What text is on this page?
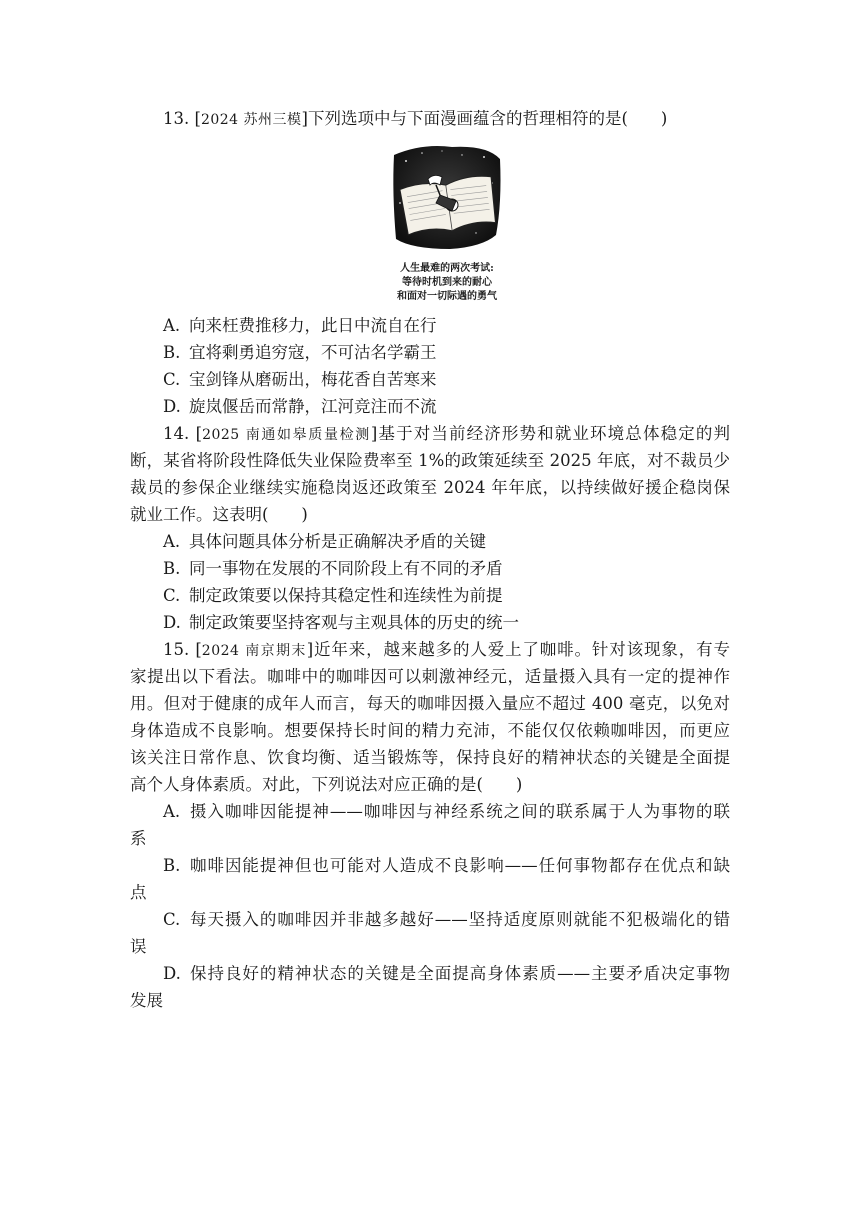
13. [2024 苏州三模]下列选项中与下面漫画蕴含的哲理相符的是(　　)
人生最难的两次考试:
等待时机到来的耐心
和面对一切际遇的勇气
A. 向来枉费推移力，此日中流自在行
B. 宜将剩勇追穷寇，不可沽名学霸王
C. 宝剑锋从磨砺出，梅花香自苦寒来
D. 旋岚偃岳而常静，江河竞注而不流
14. [2025 南通如皋质量检测]基于对当前经济形势和就业环境总体稳定的判
断，某省将阶段性降低失业保险费率至 1%的政策延续至 2025 年底，对不裁员少
裁员的参保企业继续实施稳岗返还政策至 2024 年年底，以持续做好援企稳岗保
就业工作。这表明(　　)
A. 具体问题具体分析是正确解决矛盾的关键
B. 同一事物在发展的不同阶段上有不同的矛盾
C. 制定政策要以保持其稳定性和连续性为前提
D. 制定政策要坚持客观与主观具体的历史的统一
15. [2024 南京期末]近年来，越来越多的人爱上了咖啡。针对该现象，有专
家提出以下看法。咖啡中的咖啡因可以刺激神经元，适量摄入具有一定的提神作
用。但对于健康的成年人而言，每天的咖啡因摄入量应不超过 400 毫克，以免对
身体造成不良影响。想要保持长时间的精力充沛，不能仅仅依赖咖啡因，而更应
该关注日常作息、饮食均衡、适当锻炼等，保持良好的精神状态的关键是全面提
高个人身体素质。对此，下列说法对应正确的是(　　)
A. 摄入咖啡因能提神——咖啡因与神经系统之间的联系属于人为事物的联
系
B. 咖啡因能提神但也可能对人造成不良影响——任何事物都存在优点和缺
点
C. 每天摄入的咖啡因并非越多越好——坚持适度原则就能不犯极端化的错
误
D. 保持良好的精神状态的关键是全面提高身体素质——主要矛盾决定事物
发展
